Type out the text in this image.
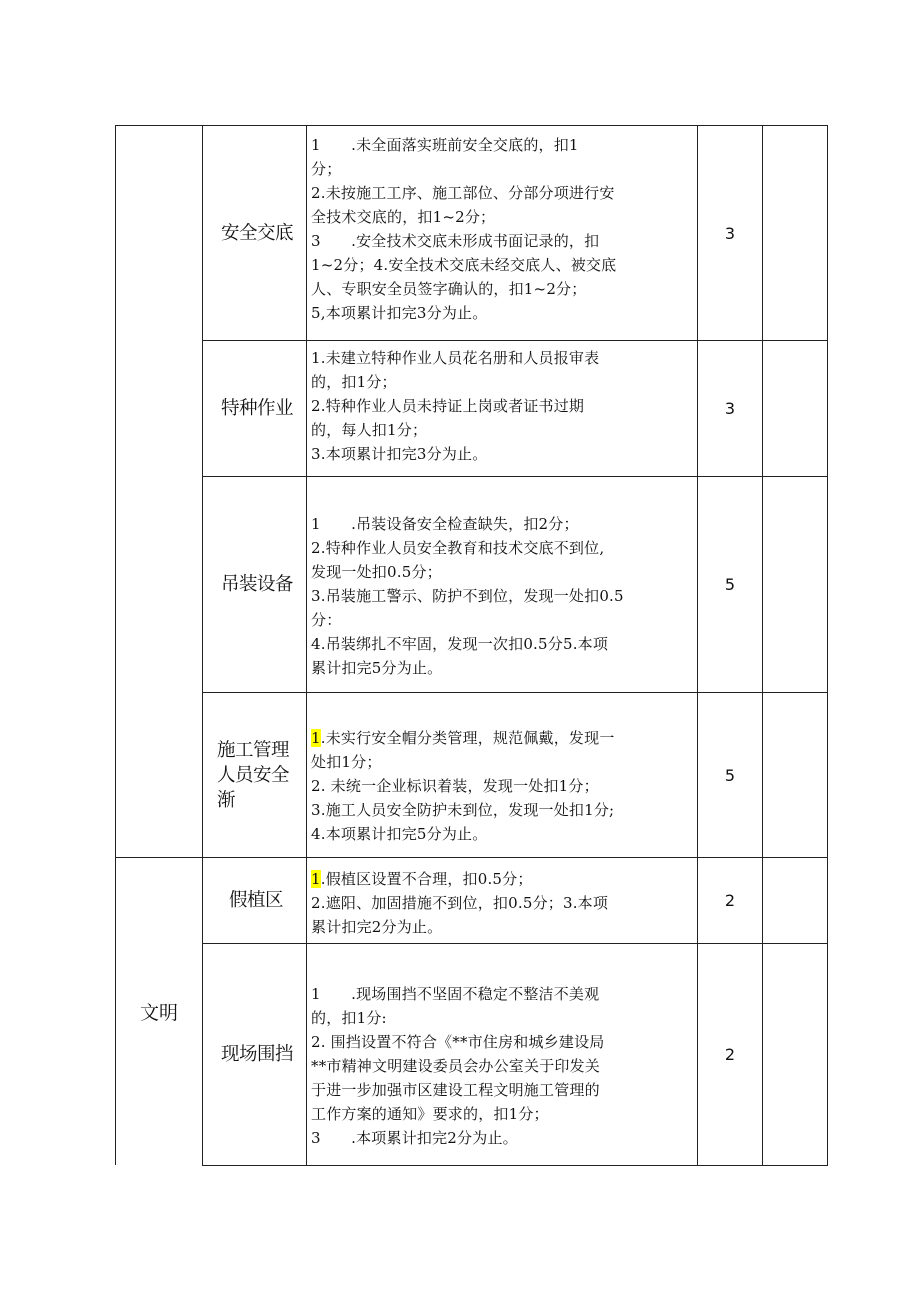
文明
安全交底
1　　.未全面落实班前安全交底的，扣1
分；
2.未按施工工序、施工部位、分部分项进行安
全技术交底的，扣1~2分；
3　　.安全技术交底未形成书面记录的，扣
1~2分；4.安全技术交底未经交底人、被交底
人、专职安全员签字确认的，扣1~2分；
5,本项累计扣完3分为止。
3
特种作业
1.未建立特种作业人员花名册和人员报审表
的，扣1分；
2.特种作业人员未持证上岗或者证书过期
的，每人扣1分；
3.本项累计扣完3分为止。
3
吊装设备
1　　.吊装设备安全检查缺失，扣2分；
2.特种作业人员安全教育和技术交底不到位,
发现一处扣0.5分；
3.吊装施工警示、防护不到位，发现一处扣0.5
分：
4.吊装绑扎不牢固，发现一次扣0.5分5.本项
累计扣完5分为止。
5
施工管理
人员安全
渐
1.未实行安全帽分类管理，规范佩戴，发现一
处扣1分；
2. 未统一企业标识着装，发现一处扣1分；
3.施工人员安全防护未到位，发现一处扣1分;
4.本项累计扣完5分为止。
5
假植区
1.假植区设置不合理，扣0.5分；
2.遮阳、加固措施不到位，扣0.5分；3.本项
累计扣完2分为止。
2
现场围挡
1　　.现场围挡不坚固不稳定不整洁不美观
的，扣1分:
2. 围挡设置不符合《**市住房和城乡建设局
**市精神文明建设委员会办公室关于印发关
于进一步加强市区建设工程文明施工管理的
工作方案的通知》要求的，扣1分；
3　　.本项累计扣完2分为止。
2
